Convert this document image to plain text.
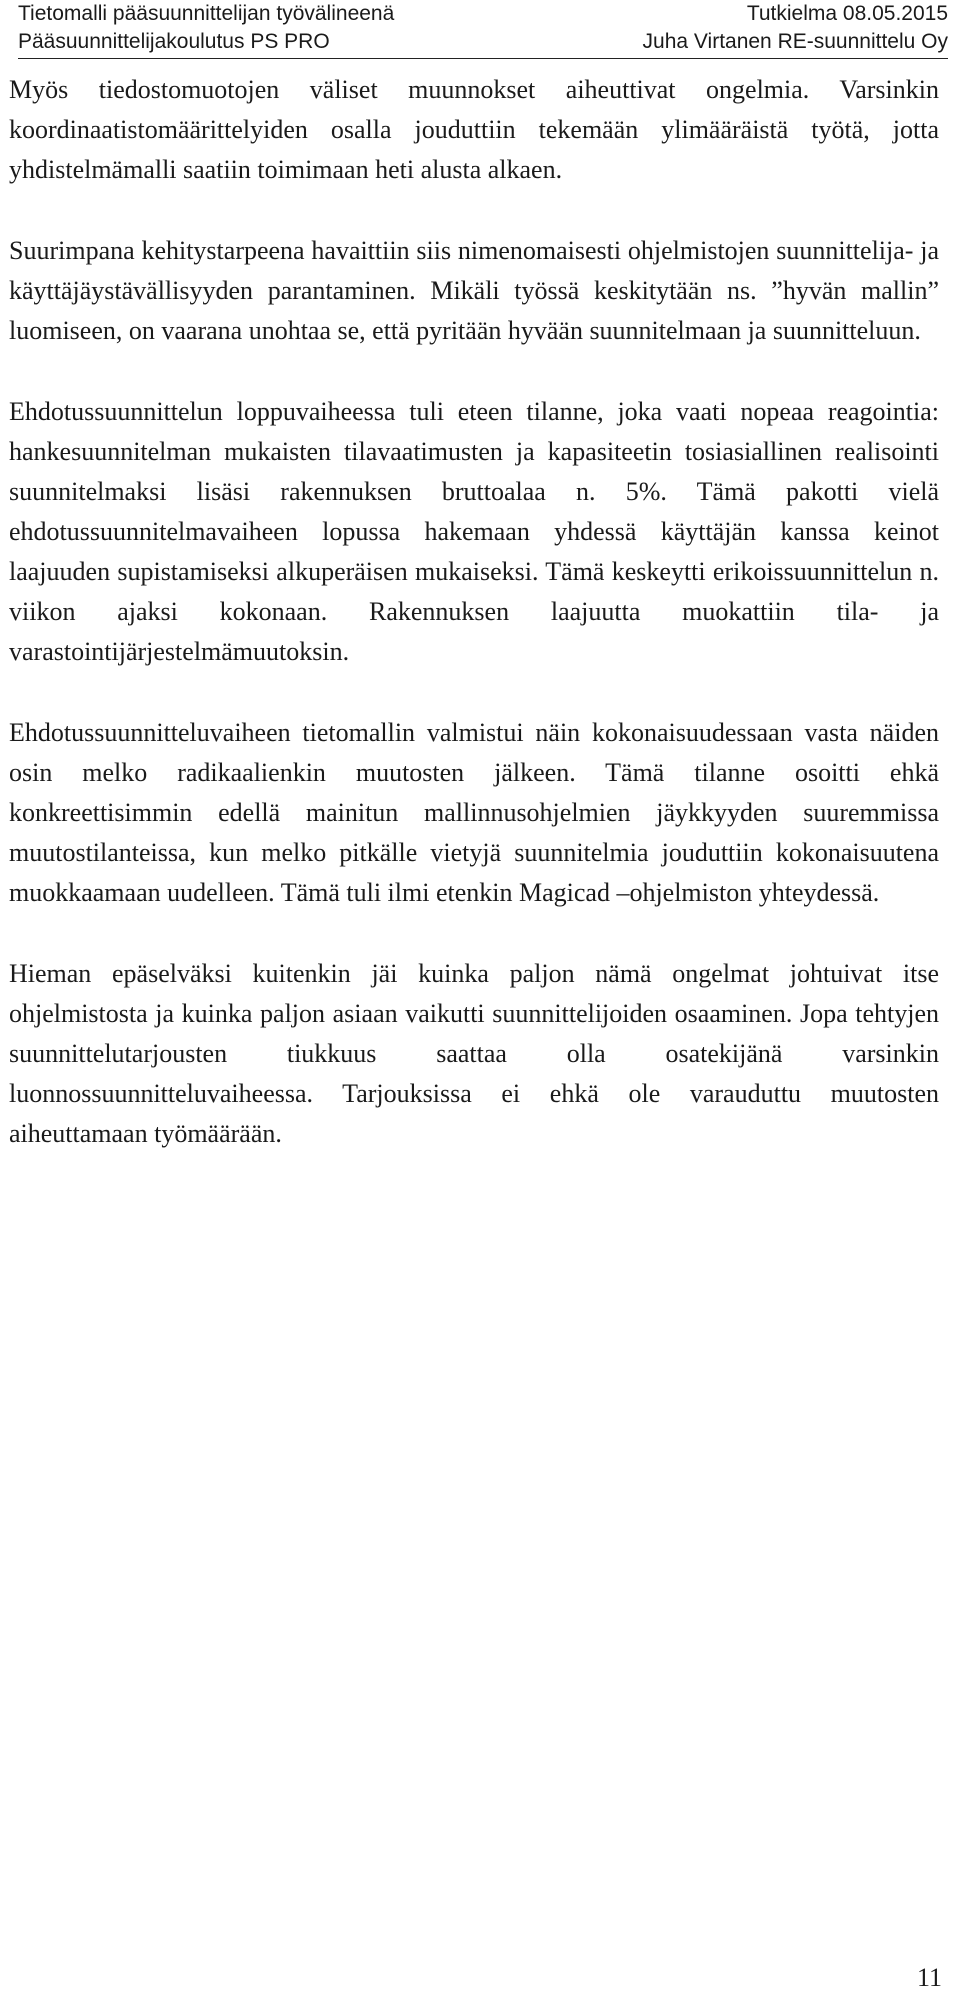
Tietomalli pääsuunnittelijan työvälineenä	Tutkielma 08.05.2015
Pääsuunnittelijakoulutus PS PRO	Juha Virtanen RE-suunnittelu Oy

Myös tiedostomuotojen väliset muunnokset aiheuttivat ongelmia. Varsinkin koordinaatistomäärittelyiden osalla jouduttiin tekemään ylimääräistä työtä, jotta yhdistelmämalli saatiin toimimaan heti alusta alkaen.

Suurimpana kehitystarpeena havaittiin siis nimenomaisesti ohjelmistojen suunnittelija- ja käyttäjäystävällisyyden parantaminen. Mikäli työssä keskitytään ns. ”hyvän mallin” luomiseen, on vaarana unohtaa se, että pyritään hyvään suunnitelmaan ja suunnitteluun.

Ehdotussuunnittelun loppuvaiheessa tuli eteen tilanne, joka vaati nopeaa reagointia: hankesuunnitelman mukaisten tilavaatimusten ja kapasiteetin tosiasiallinen realisointi suunnitelmaksi lisäsi rakennuksen bruttoalaa n. 5%. Tämä pakotti vielä ehdotussuunnitelmavaiheen lopussa hakemaan yhdessä käyttäjän kanssa keinot laajuuden supistamiseksi alkuperäisen mukaiseksi. Tämä keskeytti erikoissuunnittelun n. viikon ajaksi kokonaan. Rakennuksen laajuutta muokattiin tila- ja varastointijärjestelmämuutoksin.

Ehdotussuunnitteluvaiheen tietomallin valmistui näin kokonaisuudessaan vasta näiden osin melko radikaalienkin muutosten jälkeen. Tämä tilanne osoitti ehkä konkreettisimmin edellä mainitun mallinnusohjelmien jäykkyyden suuremmissa muutostilanteissa, kun melko pitkälle vietyjä suunnitelmia jouduttiin kokonaisuutena muokkaamaan uudelleen. Tämä tuli ilmi etenkin Magicad –ohjelmiston yhteydessä.

Hieman epäselväksi kuitenkin jäi kuinka paljon nämä ongelmat johtuivat itse ohjelmistosta ja kuinka paljon asiaan vaikutti suunnittelijoiden osaaminen. Jopa tehtyjen suunnittelutarjousten tiukkuus saattaa olla osatekijänä varsinkin luonnossuunnitteluvaiheessa. Tarjouksissa ei ehkä ole varauduttu muutosten aiheuttamaan työmäärään.

11
